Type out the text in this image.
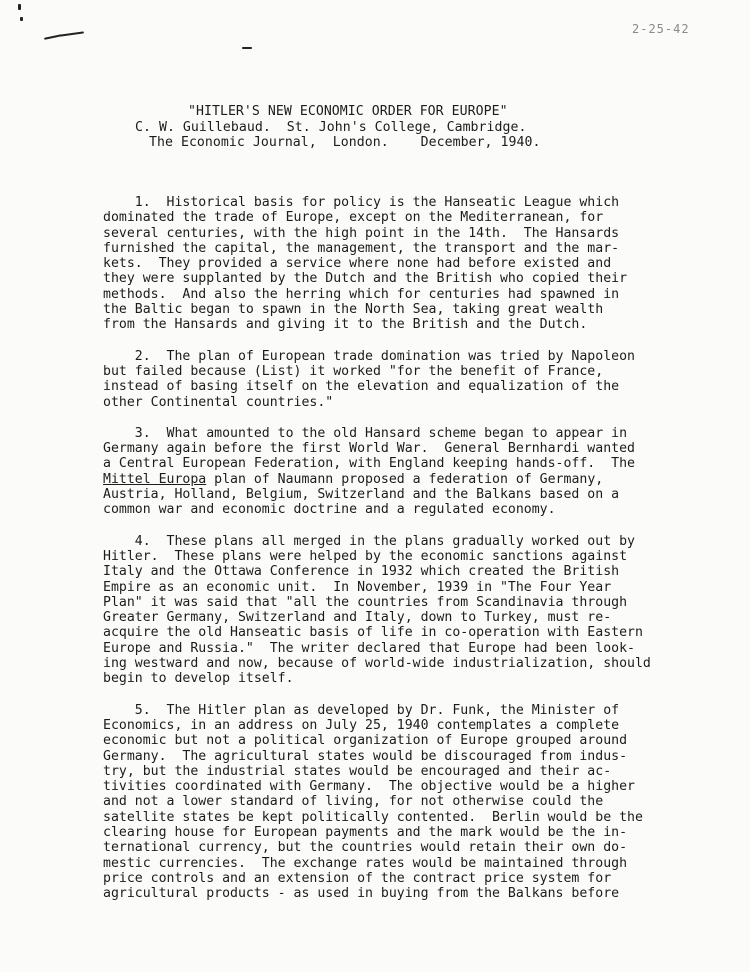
2-25-42
"HITLER'S NEW ECONOMIC ORDER FOR EUROPE"
C. W. Guillebaud.  St. John's College, Cambridge.
The Economic Journal,  London.    December, 1940.
1.  Historical basis for policy is the Hanseatic League which
dominated the trade of Europe, except on the Mediterranean, for
several centuries, with the high point in the 14th.  The Hansards
furnished the capital, the management, the transport and the mar-
kets.  They provided a service where none had before existed and
they were supplanted by the Dutch and the British who copied their
methods.  And also the herring which for centuries had spawned in
the Baltic began to spawn in the North Sea, taking great wealth
from the Hansards and giving it to the British and the Dutch.
2.  The plan of European trade domination was tried by Napoleon
but failed because (List) it worked "for the benefit of France,
instead of basing itself on the elevation and equalization of the
other Continental countries."
3.  What amounted to the old Hansard scheme began to appear in
Germany again before the first World War.  General Bernhardi wanted
a Central European Federation, with England keeping hands-off.  The
Mittel Europa plan of Naumann proposed a federation of Germany,
Austria, Holland, Belgium, Switzerland and the Balkans based on a
common war and economic doctrine and a regulated economy.
4.  These plans all merged in the plans gradually worked out by
Hitler.  These plans were helped by the economic sanctions against
Italy and the Ottawa Conference in 1932 which created the British
Empire as an economic unit.  In November, 1939 in "The Four Year
Plan" it was said that "all the countries from Scandinavia through
Greater Germany, Switzerland and Italy, down to Turkey, must re-
acquire the old Hanseatic basis of life in co-operation with Eastern
Europe and Russia."  The writer declared that Europe had been look-
ing westward and now, because of world-wide industrialization, should
begin to develop itself.
5.  The Hitler plan as developed by Dr. Funk, the Minister of
Economics, in an address on July 25, 1940 contemplates a complete
economic but not a political organization of Europe grouped around
Germany.  The agricultural states would be discouraged from indus-
try, but the industrial states would be encouraged and their ac-
tivities coordinated with Germany.  The objective would be a higher
and not a lower standard of living, for not otherwise could the
satellite states be kept politically contented.  Berlin would be the
clearing house for European payments and the mark would be the in-
ternational currency, but the countries would retain their own do-
mestic currencies.  The exchange rates would be maintained through
price controls and an extension of the contract price system for
agricultural products - as used in buying from the Balkans before
